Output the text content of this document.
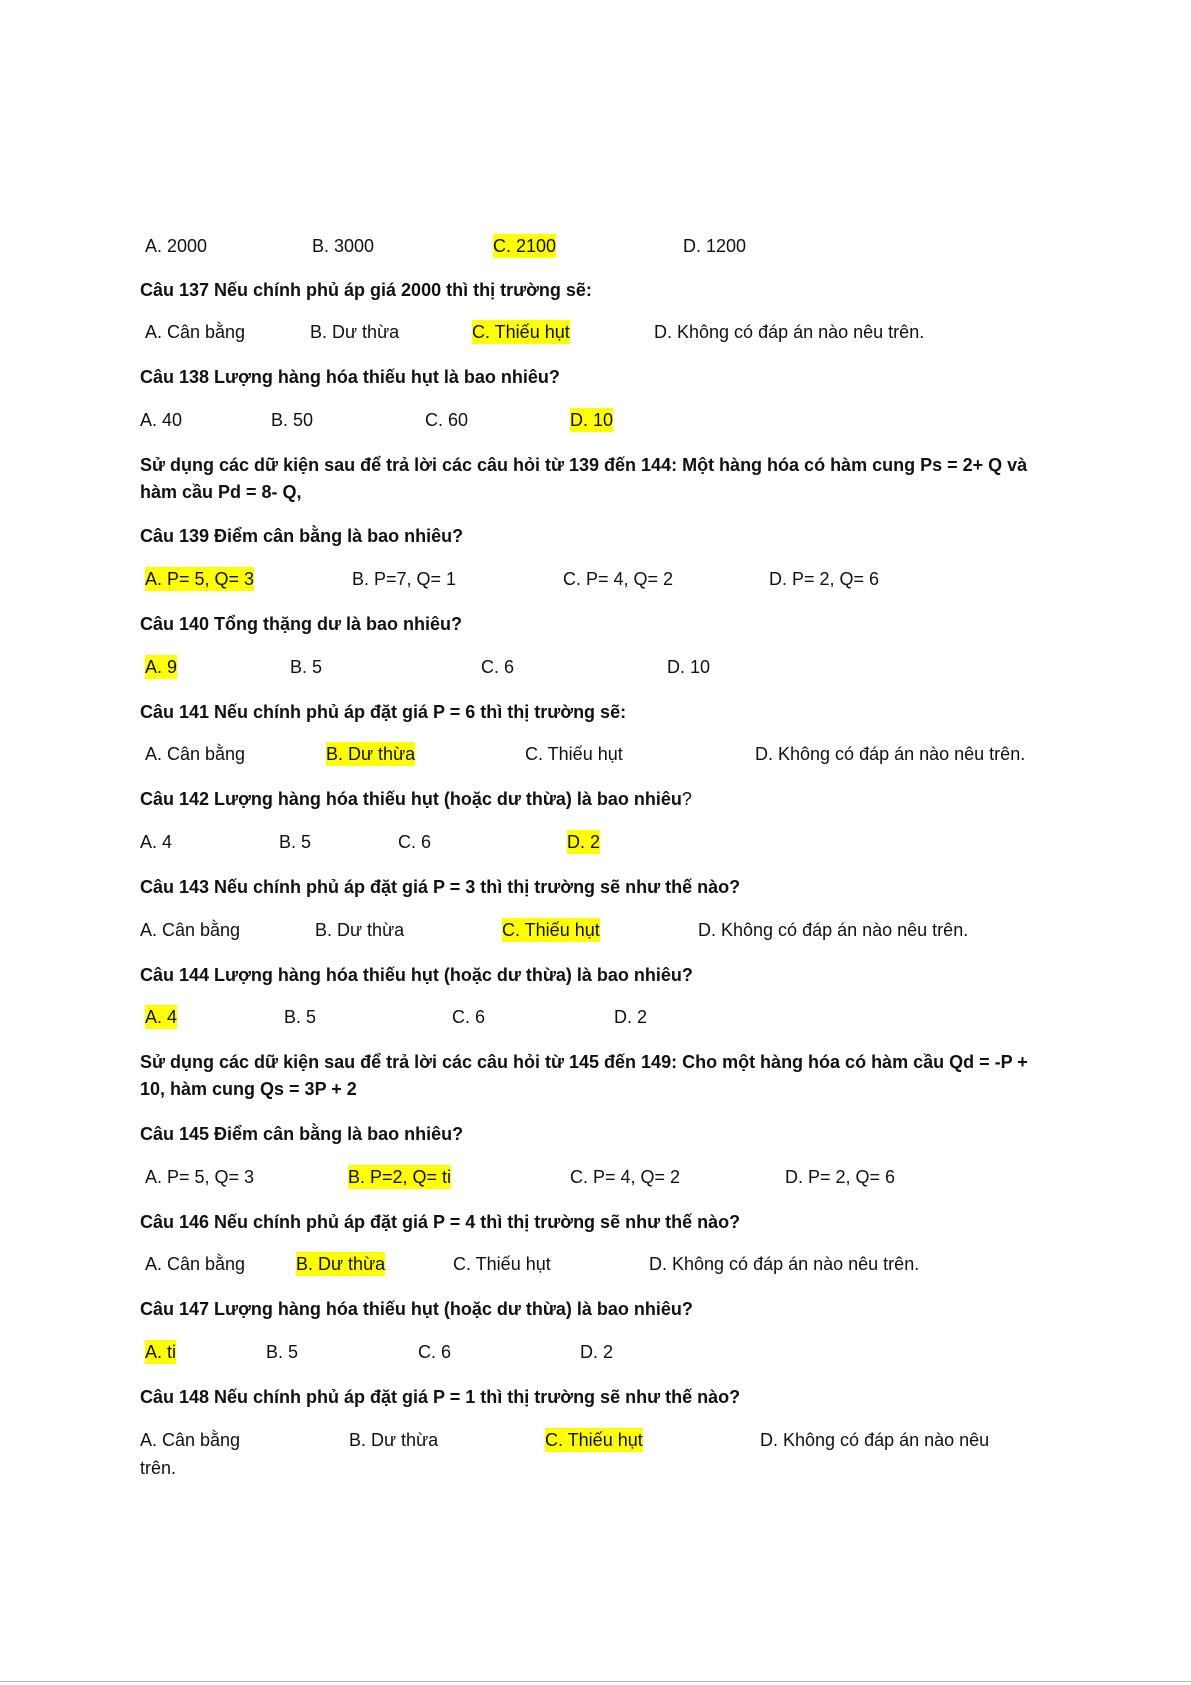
A. 2000	B. 3000	C. 2100	D. 1200
Câu 137 Nếu chính phủ áp giá 2000 thì thị trường sẽ:
A. Cân bằng	B. Dư thừa	C. Thiếu hụt	D. Không có đáp án nào nêu trên.
Câu 138 Lượng hàng hóa thiếu hụt là bao nhiêu?
A. 40	B. 50	C. 60	D. 10
Sử dụng các dữ kiện sau để trả lời các câu hỏi từ 139 đến 144: Một hàng hóa có hàm cung Ps = 2+ Q và hàm cầu Pd = 8- Q,
Câu 139 Điểm cân bằng là bao nhiêu?
A. P= 5, Q= 3	B. P=7, Q= 1	C. P= 4, Q= 2	D. P= 2, Q= 6
Câu 140 Tổng thặng dư là bao nhiêu?
A. 9	B. 5	C. 6	D. 10
Câu 141 Nếu chính phủ áp đặt giá P = 6 thì thị trường sẽ:
A. Cân bằng	B. Dư thừa	C. Thiếu hụt	D. Không có đáp án nào nêu trên.
Câu 142 Lượng hàng hóa thiếu hụt (hoặc dư thừa) là bao nhiêu?
A. 4	B. 5	C. 6	D. 2
Câu 143 Nếu chính phủ áp đặt giá P = 3 thì thị trường sẽ như thế nào?
A. Cân bằng	B. Dư thừa	C. Thiếu hụt	D. Không có đáp án nào nêu trên.
Câu 144 Lượng hàng hóa thiếu hụt (hoặc dư thừa) là bao nhiêu?
A. 4	B. 5	C. 6	D. 2
Sử dụng các dữ kiện sau để trả lời các câu hỏi từ 145 đến 149: Cho một hàng hóa có hàm cầu Qd = -P + 10, hàm cung Qs = 3P + 2
Câu 145 Điểm cân bằng là bao nhiêu?
A. P= 5, Q= 3	B. P=2, Q= ti	C. P= 4, Q= 2	D. P= 2, Q= 6
Câu 146 Nếu chính phủ áp đặt giá P = 4 thì thị trường sẽ như thế nào?
A. Cân bằng	B. Dư thừa	C. Thiếu hụt	D. Không có đáp án nào nêu trên.
Câu 147 Lượng hàng hóa thiếu hụt (hoặc dư thừa) là bao nhiêu?
A. ti	B. 5	C. 6	D. 2
Câu 148 Nếu chính phủ áp đặt giá P = 1 thì thị trường sẽ như thế nào?
A. Cân bằng	B. Dư thừa	C. Thiếu hụt	D. Không có đáp án nào nêu
trên.
